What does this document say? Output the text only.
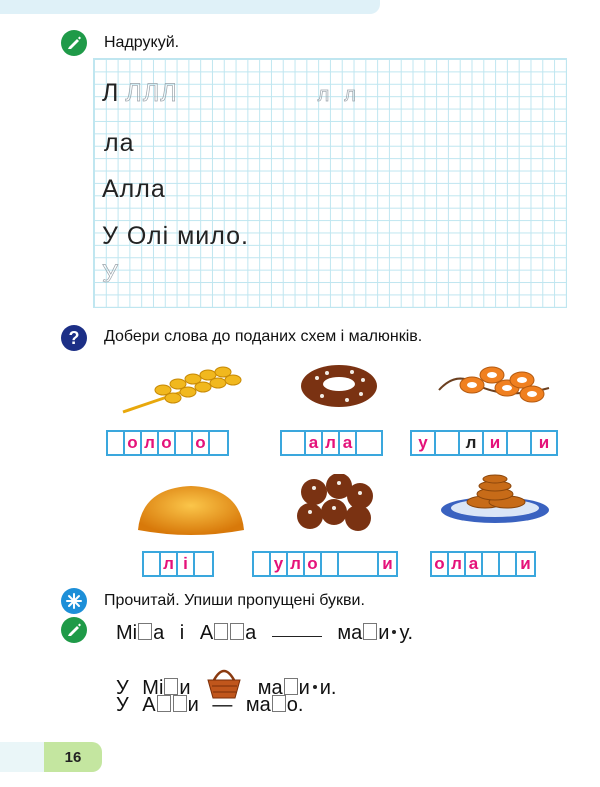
Надрукуй.
Л ЛЛЛ	л л
ла
Алла
У Олі мило.
У
?	Добери слова до поданих схем і малюнків.
о л о о	а л а	у	л и	и
л і	у л о	и о л а и
Прочитай. Упиши пропущені букви.
Мі а і А а	ма и у.
У Мі и	ма и и.
У А и — ма о.
16
